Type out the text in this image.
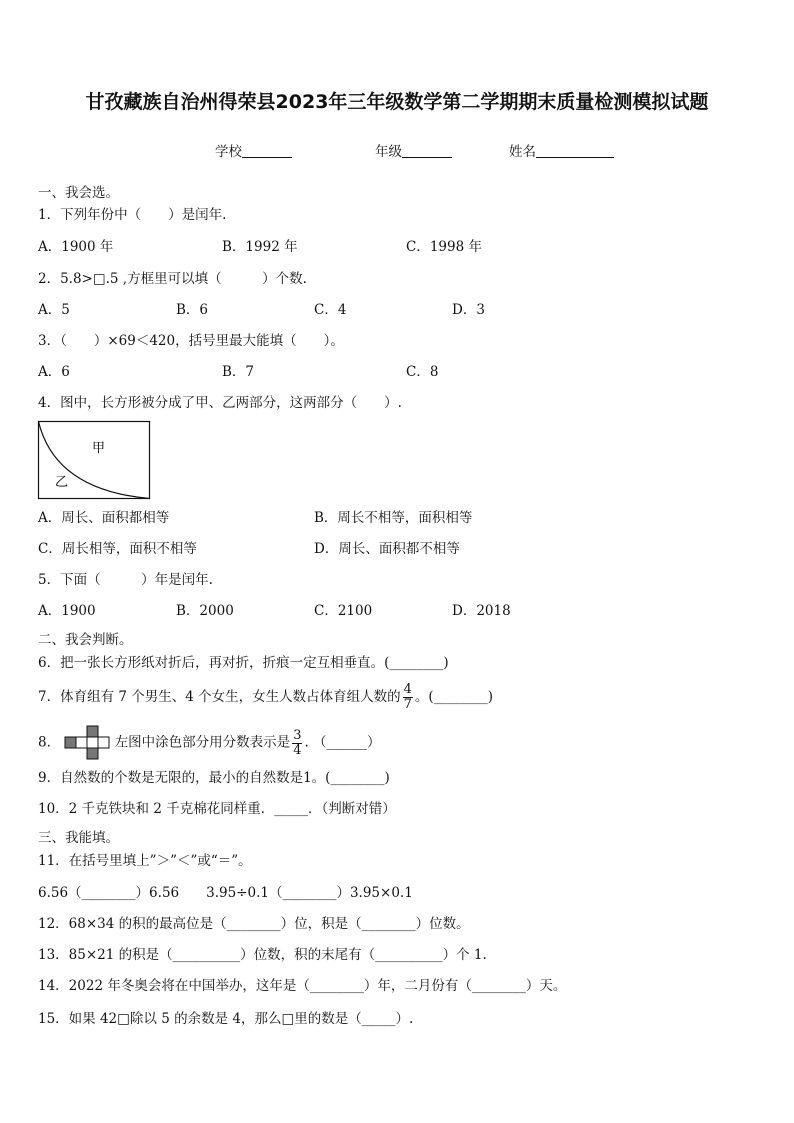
甘孜藏族自治州得荣县2023年三年级数学第二学期期末质量检测模拟试题
学校	年级	姓名
一、我会选。
1．下列年份中（　　）是闰年.
A．1900 年	B．1992 年	C．1998 年
2．5.8>□.5 ,方框里可以填（　　　）个数.
A．5	B．6	C．4	D．3
3．（　　）×69＜420，括号里最大能填（　　）。
A．6	B．7	C．8
4．图中，长方形被分成了甲、乙两部分，这两部分（　　）.
甲
乙
A．周长、面积都相等	B．周长不相等，面积相等
C．周长相等，面积不相等	D．周长、面积都不相等
5．下面（　　　）年是闰年.
A．1900	B．2000	C．2100	D．2018
二、我会判断。
6．把一张长方形纸对折后，再对折，折痕一定互相垂直。(________)
7．体育组有 7 个男生、4 个女生，女生人数占体育组人数的 $\frac{4}{7}$ 。(________)
8．	左图中涂色部分用分数表示是 $\frac{3}{4}$ . （______）
9．自然数的个数是无限的，最小的自然数是1。(________)
10．2 千克铁块和 2 千克棉花同样重．_____．（判断对错）
三、我能填。
11．在括号里填上”＞”＜”或“＝”。
6.56（________）6.56　　3.95÷0.1（________）3.95×0.1
12．68×34 的积的最高位是（________）位，积是（________）位数。
13．85×21 的积是（__________）位数，积的末尾有（__________）个 1.
14．2022 年冬奥会将在中国举办，这年是（________）年，二月份有（________）天。
15．如果 42□除以 5 的余数是 4，那么□里的数是（_____）.
